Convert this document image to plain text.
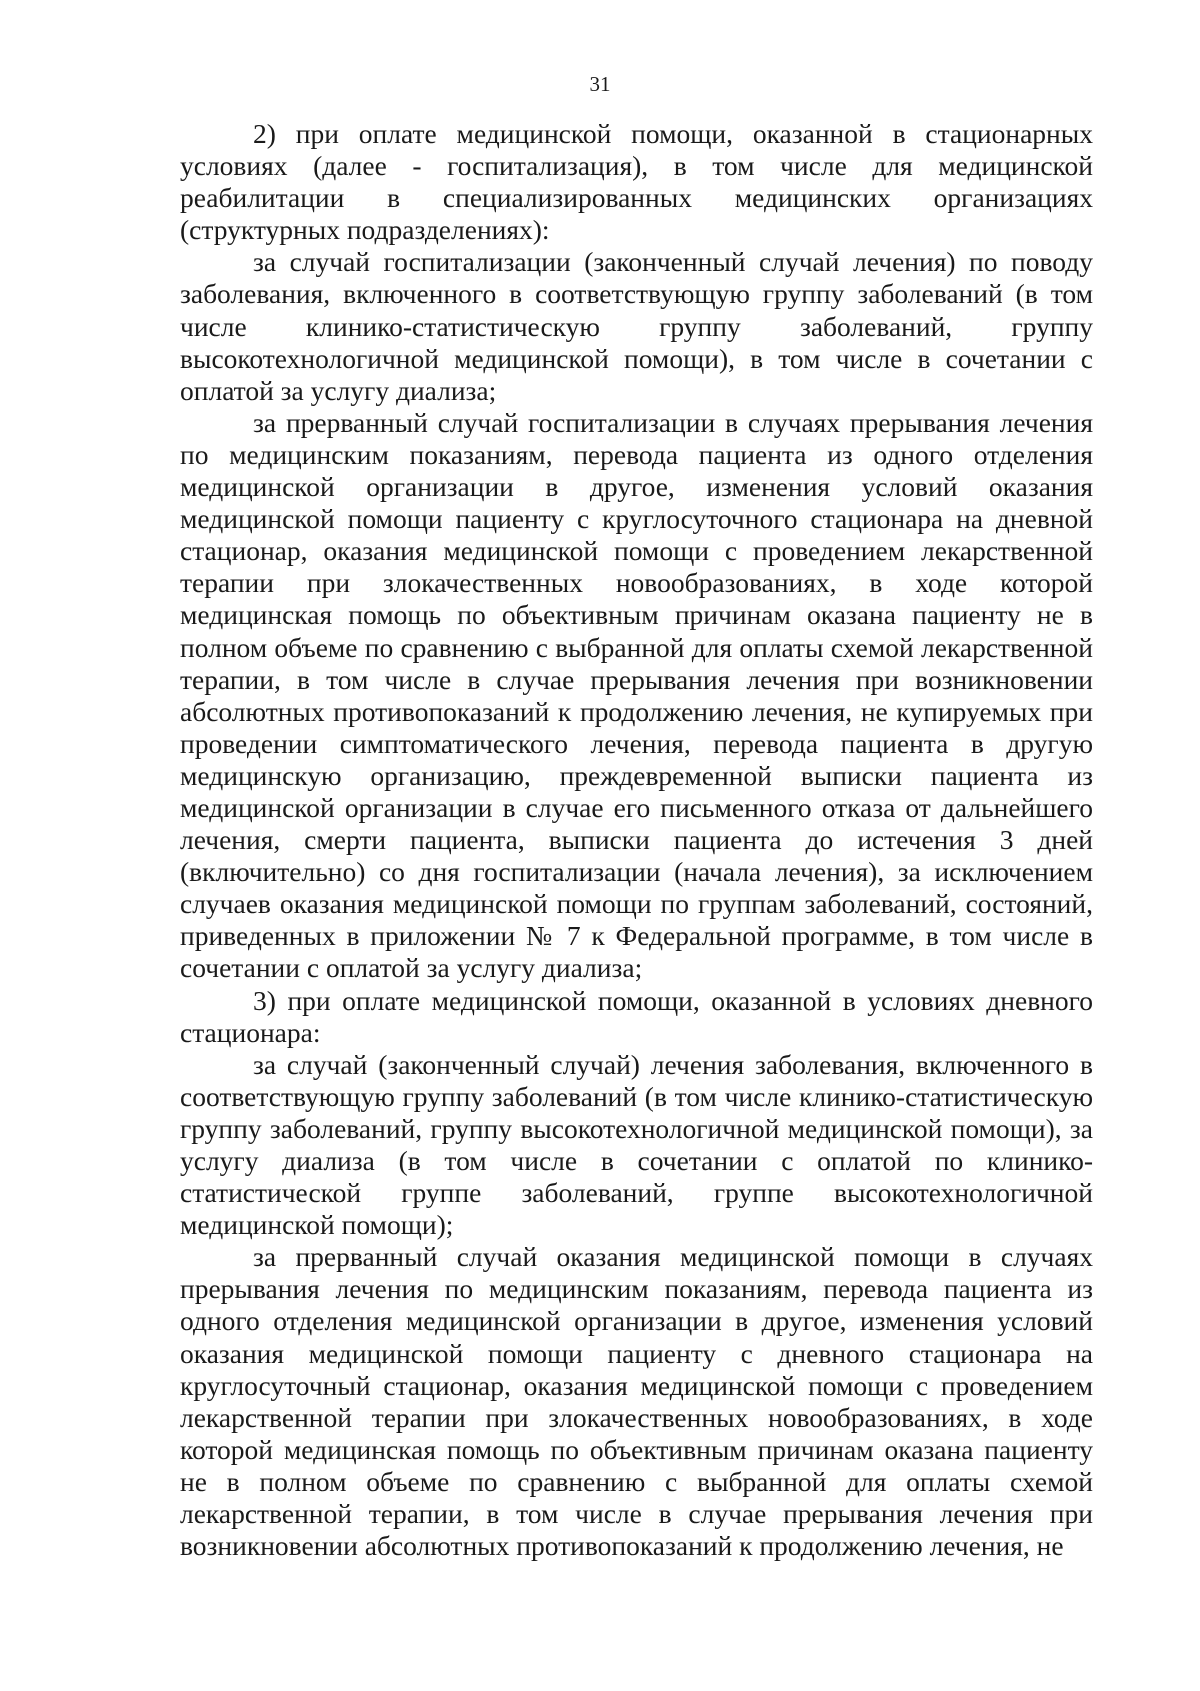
31

2) при оплате медицинской помощи, оказанной в стационарных условиях (далее - госпитализация), в том числе для медицинской реабилитации в специализированных медицинских организациях (структурных подразделениях):

за случай госпитализации (законченный случай лечения) по поводу заболевания, включенного в соответствующую группу заболеваний (в том числе клинико-статистическую группу заболеваний, группу высокотехнологичной медицинской помощи), в том числе в сочетании с оплатой за услугу диализа;

за прерванный случай госпитализации в случаях прерывания лечения по медицинским показаниям, перевода пациента из одного отделения медицинской организации в другое, изменения условий оказания медицинской помощи пациенту с круглосуточного стационара на дневной стационар, оказания медицинской помощи с проведением лекарственной терапии при злокачественных новообразованиях, в ходе которой медицинская помощь по объективным причинам оказана пациенту не в полном объеме по сравнению с выбранной для оплаты схемой лекарственной терапии, в том числе в случае прерывания лечения при возникновении абсолютных противопоказаний к продолжению лечения, не купируемых при проведении симптоматического лечения, перевода пациента в другую медицинскую организацию, преждевременной выписки пациента из медицинской организации в случае его письменного отказа от дальнейшего лечения, смерти пациента, выписки пациента до истечения 3 дней (включительно) со дня госпитализации (начала лечения), за исключением случаев оказания медицинской помощи по группам заболеваний, состояний, приведенных в приложении № 7 к Федеральной программе, в том числе в сочетании с оплатой за услугу диализа;

3) при оплате медицинской помощи, оказанной в условиях дневного стационара:

за случай (законченный случай) лечения заболевания, включенного в соответствующую группу заболеваний (в том числе клинико-статистическую группу заболеваний, группу высокотехнологичной медицинской помощи), за услугу диализа (в том числе в сочетании с оплатой по клинико-статистической группе заболеваний, группе высокотехнологичной медицинской помощи);

за прерванный случай оказания медицинской помощи в случаях прерывания лечения по медицинским показаниям, перевода пациента из одного отделения медицинской организации в другое, изменения условий оказания медицинской помощи пациенту с дневного стационара на круглосуточный стационар, оказания медицинской помощи с проведением лекарственной терапии при злокачественных новообразованиях, в ходе которой медицинская помощь по объективным причинам оказана пациенту не в полном объеме по сравнению с выбранной для оплаты схемой лекарственной терапии, в том числе в случае прерывания лечения при возникновении абсолютных противопоказаний к продолжению лечения, не
